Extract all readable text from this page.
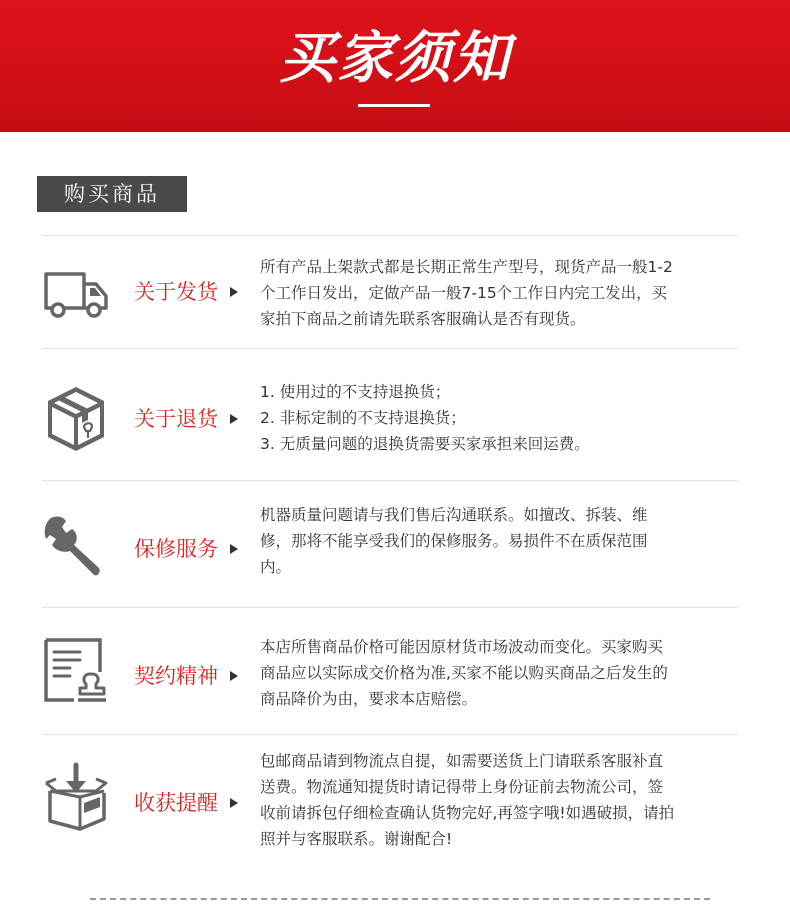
买家须知
购买商品
关于发货

所有产品上架款式都是长期正常生产型号，现货产品一般1-2

个工作日发出，定做产品一般7-15个工作日内完工发出，买

家拍下商品之前请先联系客服确认是否有现货。

关于退货

1. 使用过的不支持退换货；

2. 非标定制的不支持退换货；

3. 无质量问题的退换货需要买家承担来回运费。

保修服务

机器质量问题请与我们售后沟通联系。如擅改、拆装、维

修，那将不能享受我们的保修服务。易损件不在质保范围

内。

契约精神

本店所售商品价格可能因原材货市场波动而变化。买家购买

商品应以实际成交价格为准,买家不能以购买商品之后发生的

商品降价为由，要求本店赔偿。

收获提醒

包邮商品请到物流点自提，如需要送货上门请联系客服补直

送费。物流通知提货时请记得带上身份证前去物流公司，签

收前请拆包仔细检查确认货物完好,再签字哦!如遇破损，请拍

照并与客服联系。谢谢配合!
